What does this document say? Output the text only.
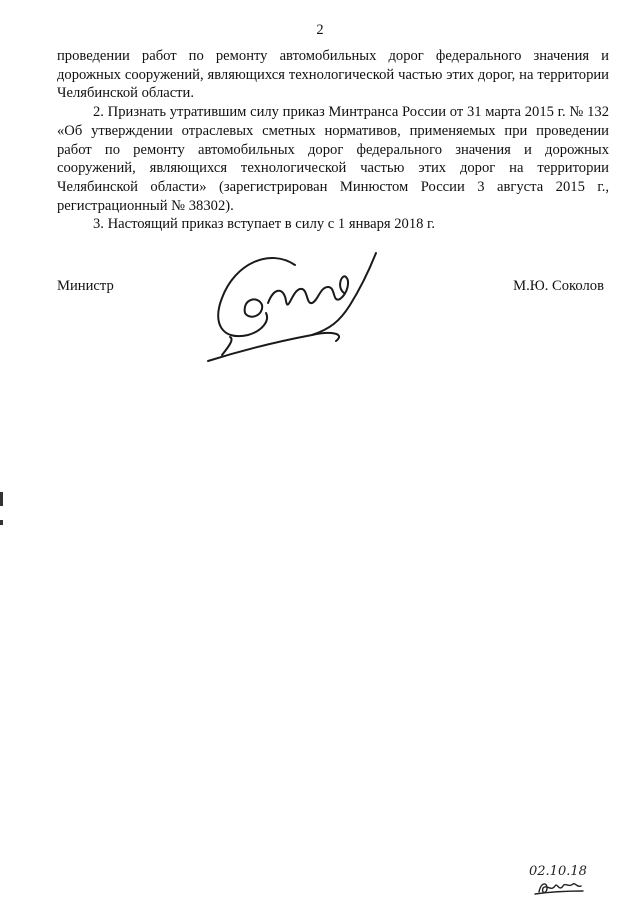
2

проведении работ по ремонту автомобильных дорог федерального значения и дорожных сооружений, являющихся технологической частью этих дорог, на территории Челябинской области.

2. Признать утратившим силу приказ Минтранса России от 31 марта 2015 г. № 132 «Об утверждении отраслевых сметных нормативов, применяемых при проведении работ по ремонту автомобильных дорог федерального значения и дорожных сооружений, являющихся технологической частью этих дорог на территории Челябинской области» (зарегистрирован Минюстом России 3 августа 2015 г., регистрационный № 38302).

3. Настоящий приказ вступает в силу с 1 января 2018 г.

Министр	М.Ю. Соколов
02.10.18
